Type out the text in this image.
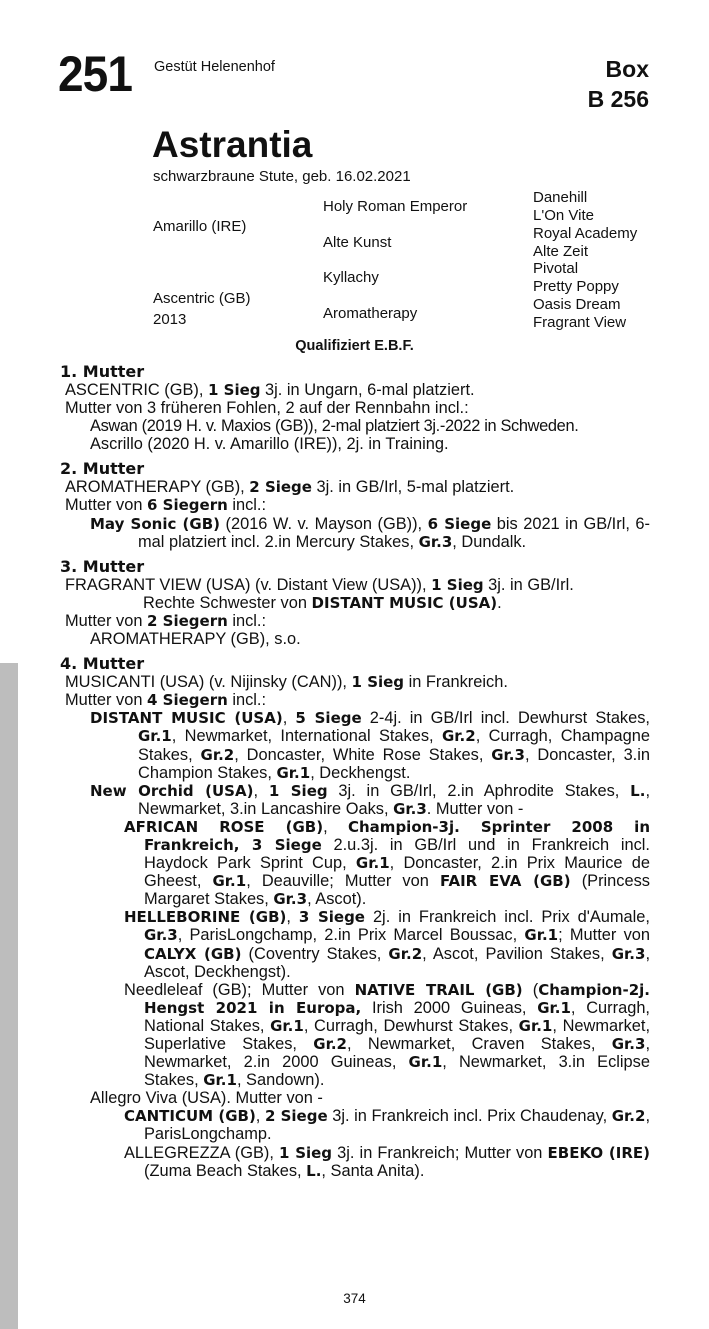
251 Gestüt Helenenhof	Box
B 256
Astrantia
schwarzbraune Stute, geb. 16.02.2021
Amarillo (IRE)
Ascentric (GB)
2013
Holy Roman Emperor
Alte Kunst
Kyllachy
Aromatherapy
Danehill
L'On Vite
Royal Academy
Alte Zeit
Pivotal
Pretty Poppy
Oasis Dream
Fragrant View
Qualifiziert E.B.F.
1. Mutter
ASCENTRIC (GB), 1 Sieg 3j. in Ungarn, 6-mal platziert.
Mutter von 3 früheren Fohlen, 2 auf der Rennbahn incl.:
Aswan (2019 H. v. Maxios (GB)), 2-mal platziert 3j.-2022 in Schweden.
Ascrillo (2020 H. v. Amarillo (IRE)), 2j. in Training.
2. Mutter
AROMATHERAPY (GB), 2 Siege 3j. in GB/Irl, 5-mal platziert.
Mutter von 6 Siegern incl.:
May Sonic (GB) (2016 W. v. Mayson (GB)), 6 Siege bis 2021 in GB/Irl, 6-mal platziert incl. 2.in Mercury Stakes, Gr.3, Dundalk.
3. Mutter
FRAGRANT VIEW (USA) (v. Distant View (USA)), 1 Sieg 3j. in GB/Irl.
Rechte Schwester von DISTANT MUSIC (USA).
Mutter von 2 Siegern incl.:
AROMATHERAPY (GB), s.o.
4. Mutter
MUSICANTI (USA) (v. Nijinsky (CAN)), 1 Sieg in Frankreich.
Mutter von 4 Siegern incl.:
DISTANT MUSIC (USA), 5 Siege 2-4j. in GB/Irl incl. Dewhurst Stakes, Gr.1, Newmarket, International Stakes, Gr.2, Curragh, Champagne Stakes, Gr.2, Doncaster, White Rose Stakes, Gr.3, Doncaster, 3.in Champion Stakes, Gr.1, Deckhengst.
New Orchid (USA), 1 Sieg 3j. in GB/Irl, 2.in Aphrodite Stakes, L., Newmarket, 3.in Lancashire Oaks, Gr.3. Mutter von -
AFRICAN ROSE (GB), Champion-3j. Sprinter 2008 in Frankreich, 3 Siege 2.u.3j. in GB/Irl und in Frankreich incl. Haydock Park Sprint Cup, Gr.1, Doncaster, 2.in Prix Maurice de Gheest, Gr.1, Deauville; Mutter von FAIR EVA (GB) (Princess Margaret Stakes, Gr.3, Ascot).
HELLEBORINE (GB), 3 Siege 2j. in Frankreich incl. Prix d'Aumale, Gr.3, ParisLongchamp, 2.in Prix Marcel Boussac, Gr.1; Mutter von CALYX (GB) (Coventry Stakes, Gr.2, Ascot, Pavilion Stakes, Gr.3, Ascot, Deckhengst).
Needleleaf (GB); Mutter von NATIVE TRAIL (GB) (Champion-2j. Hengst 2021 in Europa, Irish 2000 Guineas, Gr.1, Curragh, National Stakes, Gr.1, Curragh, Dewhurst Stakes, Gr.1, Newmarket, Superlative Stakes, Gr.2, Newmarket, Craven Stakes, Gr.3, Newmarket, 2.in 2000 Guineas, Gr.1, Newmarket, 3.in Eclipse Stakes, Gr.1, Sandown).
Allegro Viva (USA). Mutter von -
CANTICUM (GB), 2 Siege 3j. in Frankreich incl. Prix Chaudenay, Gr.2, ParisLongchamp.
ALLEGREZZA (GB), 1 Sieg 3j. in Frankreich; Mutter von EBEKO (IRE) (Zuma Beach Stakes, L., Santa Anita).
374
